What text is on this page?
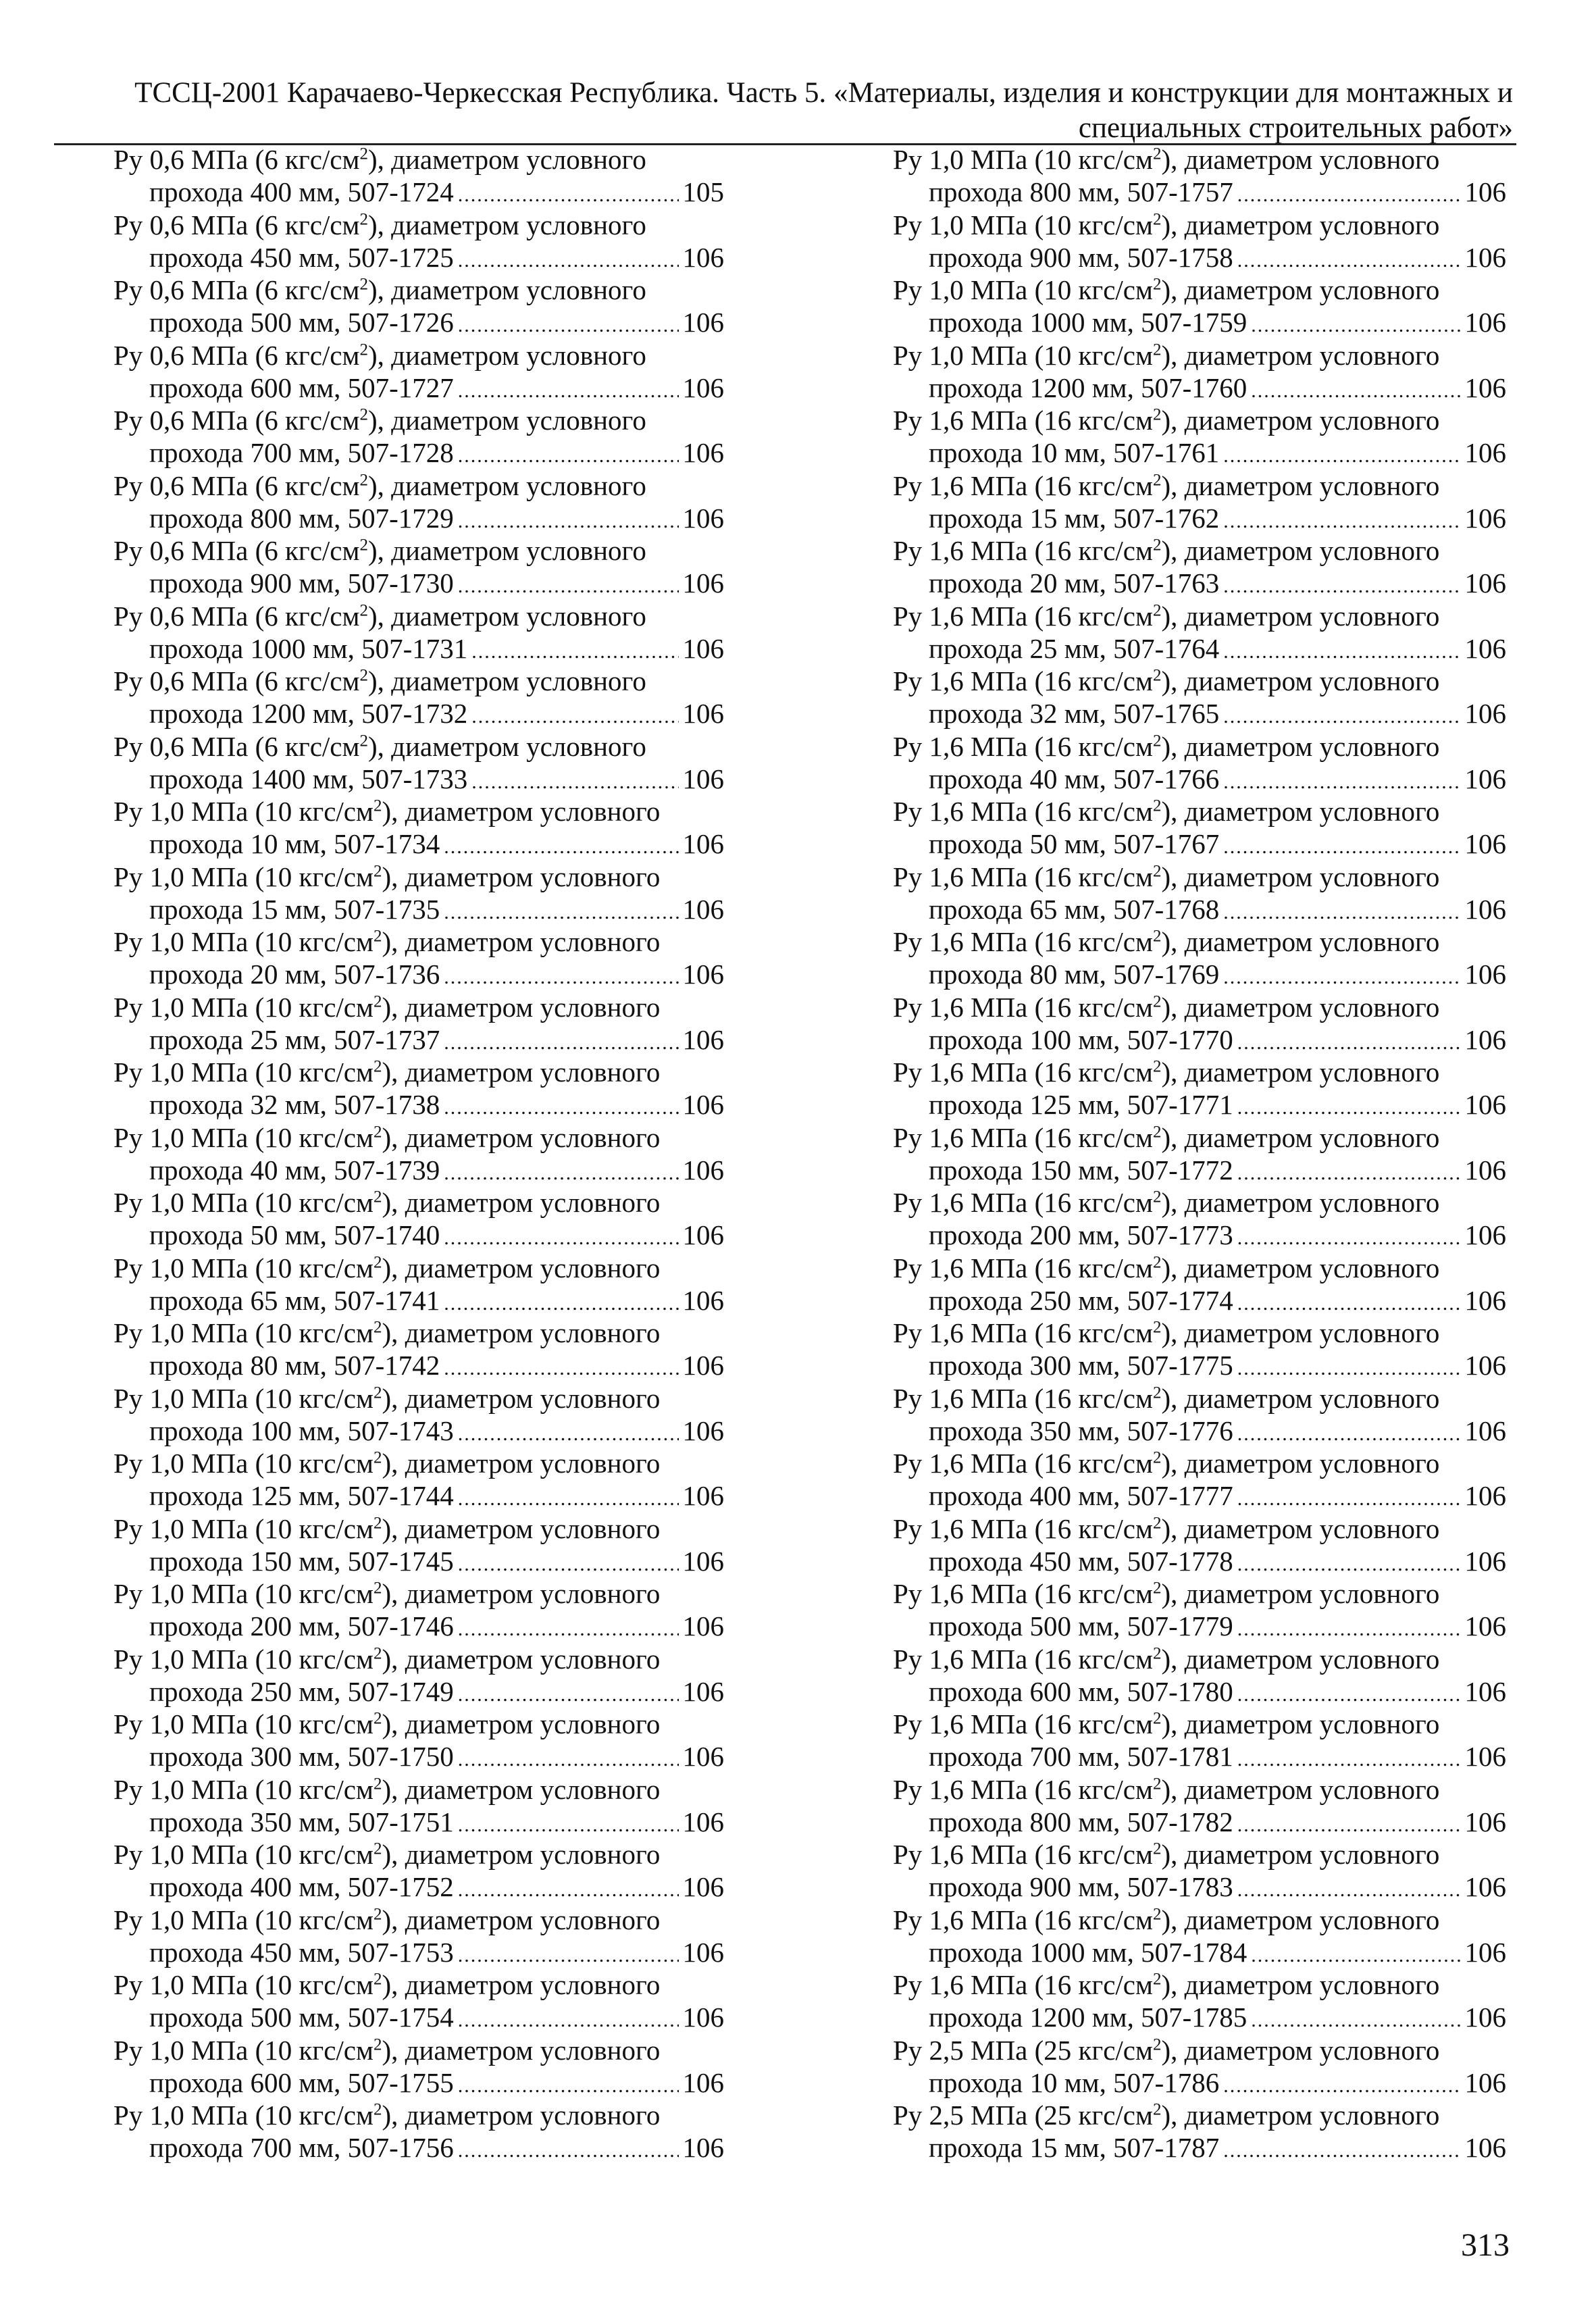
ТССЦ-2001 Карачаево-Черкесская Республика. Часть 5. «Материалы, изделия и конструкции для монтажных и
специальных строительных работ»
Ру 0,6 МПа (6 кгс/$см^2$), диаметром условного
прохода 400 мм, 507-1724 .....	105
Ру 0,6 МПа (6 кгс/$см^2$), диаметром условного
прохода 450 мм, 507-1725 .....	106
Ру 0,6 МПа (6 кгс/$см^2$), диаметром условного
прохода 500 мм, 507-1726 .....	106
Ру 0,6 МПа (6 кгс/$см^2$), диаметром условного
прохода 600 мм, 507-1727 .....	106
Ру 0,6 МПа (6 кгс/$см^2$), диаметром условного
прохода 700 мм, 507-1728 .....	106
Ру 0,6 МПа (6 кгс/$см^2$), диаметром условного
прохода 800 мм, 507-1729 .....	106
Ру 0,6 МПа (6 кгс/$см^2$), диаметром условного
прохода 900 мм, 507-1730 .....	106
Ру 0,6 МПа (6 кгс/$см^2$), диаметром условного
прохода 1000 мм, 507-1731 .....	106
Ру 0,6 МПа (6 кгс/$см^2$), диаметром условного
прохода 1200 мм, 507-1732 .....	106
Ру 0,6 МПа (6 кгс/$см^2$), диаметром условного
прохода 1400 мм, 507-1733 .....	106
Ру 1,0 МПа (10 кгс/$см^2$), диаметром условного
прохода 10 мм, 507-1734 .....	106
Ру 1,0 МПа (10 кгс/$см^2$), диаметром условного
прохода 15 мм, 507-1735 .....	106
Ру 1,0 МПа (10 кгс/$см^2$), диаметром условного
прохода 20 мм, 507-1736 .....	106
Ру 1,0 МПа (10 кгс/$см^2$), диаметром условного
прохода 25 мм, 507-1737 .....	106
Ру 1,0 МПа (10 кгс/$см^2$), диаметром условного
прохода 32 мм, 507-1738 .....	106
Ру 1,0 МПа (10 кгс/$см^2$), диаметром условного
прохода 40 мм, 507-1739 .....	106
Ру 1,0 МПа (10 кгс/$см^2$), диаметром условного
прохода 50 мм, 507-1740 .....	106
Ру 1,0 МПа (10 кгс/$см^2$), диаметром условного
прохода 65 мм, 507-1741 .....	106
Ру 1,0 МПа (10 кгс/$см^2$), диаметром условного
прохода 80 мм, 507-1742 .....	106
Ру 1,0 МПа (10 кгс/$см^2$), диаметром условного
прохода 100 мм, 507-1743 .....	106
Ру 1,0 МПа (10 кгс/$см^2$), диаметром условного
прохода 125 мм, 507-1744 .....	106
Ру 1,0 МПа (10 кгс/$см^2$), диаметром условного
прохода 150 мм, 507-1745 .....	106
Ру 1,0 МПа (10 кгс/$см^2$), диаметром условного
прохода 200 мм, 507-1746 .....	106
Ру 1,0 МПа (10 кгс/$см^2$), диаметром условного
прохода 250 мм, 507-1749 .....	106
Ру 1,0 МПа (10 кгс/$см^2$), диаметром условного
прохода 300 мм, 507-1750 .....	106
Ру 1,0 МПа (10 кгс/$см^2$), диаметром условного
прохода 350 мм, 507-1751 .....	106
Ру 1,0 МПа (10 кгс/$см^2$), диаметром условного
прохода 400 мм, 507-1752 .....	106
Ру 1,0 МПа (10 кгс/$см^2$), диаметром условного
прохода 450 мм, 507-1753 .....	106
Ру 1,0 МПа (10 кгс/$см^2$), диаметром условного
прохода 500 мм, 507-1754 .....	106
Ру 1,0 МПа (10 кгс/$см^2$), диаметром условного
прохода 600 мм, 507-1755 .....	106
Ру 1,0 МПа (10 кгс/$см^2$), диаметром условного
прохода 700 мм, 507-1756 .....	106
Ру 1,0 МПа (10 кгс/$см^2$), диаметром условного
прохода 800 мм, 507-1757 .....	106
Ру 1,0 МПа (10 кгс/$см^2$), диаметром условного
прохода 900 мм, 507-1758 .....	106
Ру 1,0 МПа (10 кгс/$см^2$), диаметром условного
прохода 1000 мм, 507-1759 .....	106
Ру 1,0 МПа (10 кгс/$см^2$), диаметром условного
прохода 1200 мм, 507-1760 .....	106
Ру 1,6 МПа (16 кгс/$см^2$), диаметром условного
прохода 10 мм, 507-1761 .....	106
Ру 1,6 МПа (16 кгс/$см^2$), диаметром условного
прохода 15 мм, 507-1762 .....	106
Ру 1,6 МПа (16 кгс/$см^2$), диаметром условного
прохода 20 мм, 507-1763 .....	106
Ру 1,6 МПа (16 кгс/$см^2$), диаметром условного
прохода 25 мм, 507-1764 .....	106
Ру 1,6 МПа (16 кгс/$см^2$), диаметром условного
прохода 32 мм, 507-1765 .....	106
Ру 1,6 МПа (16 кгс/$см^2$), диаметром условного
прохода 40 мм, 507-1766 .....	106
Ру 1,6 МПа (16 кгс/$см^2$), диаметром условного
прохода 50 мм, 507-1767 .....	106
Ру 1,6 МПа (16 кгс/$см^2$), диаметром условного
прохода 65 мм, 507-1768 .....	106
Ру 1,6 МПа (16 кгс/$см^2$), диаметром условного
прохода 80 мм, 507-1769 .....	106
Ру 1,6 МПа (16 кгс/$см^2$), диаметром условного
прохода 100 мм, 507-1770 .....	106
Ру 1,6 МПа (16 кгс/$см^2$), диаметром условного
прохода 125 мм, 507-1771 .....	106
Ру 1,6 МПа (16 кгс/$см^2$), диаметром условного
прохода 150 мм, 507-1772 .....	106
Ру 1,6 МПа (16 кгс/$см^2$), диаметром условного
прохода 200 мм, 507-1773 .....	106
Ру 1,6 МПа (16 кгс/$см^2$), диаметром условного
прохода 250 мм, 507-1774 .....	106
Ру 1,6 МПа (16 кгс/$см^2$), диаметром условного
прохода 300 мм, 507-1775 .....	106
Ру 1,6 МПа (16 кгс/$см^2$), диаметром условного
прохода 350 мм, 507-1776 .....	106
Ру 1,6 МПа (16 кгс/$см^2$), диаметром условного
прохода 400 мм, 507-1777 .....	106
Ру 1,6 МПа (16 кгс/$см^2$), диаметром условного
прохода 450 мм, 507-1778 .....	106
Ру 1,6 МПа (16 кгс/$см^2$), диаметром условного
прохода 500 мм, 507-1779 .....	106
Ру 1,6 МПа (16 кгс/$см^2$), диаметром условного
прохода 600 мм, 507-1780 .....	106
Ру 1,6 МПа (16 кгс/$см^2$), диаметром условного
прохода 700 мм, 507-1781 .....	106
Ру 1,6 МПа (16 кгс/$см^2$), диаметром условного
прохода 800 мм, 507-1782 .....	106
Ру 1,6 МПа (16 кгс/$см^2$), диаметром условного
прохода 900 мм, 507-1783 .....	106
Ру 1,6 МПа (16 кгс/$см^2$), диаметром условного
прохода 1000 мм, 507-1784 .....	106
Ру 1,6 МПа (16 кгс/$см^2$), диаметром условного
прохода 1200 мм, 507-1785 .....	106
Ру 2,5 МПа (25 кгс/$см^2$), диаметром условного
прохода 10 мм, 507-1786 .....	106
Ру 2,5 МПа (25 кгс/$см^2$), диаметром условного
прохода 15 мм, 507-1787 .....	106
313
